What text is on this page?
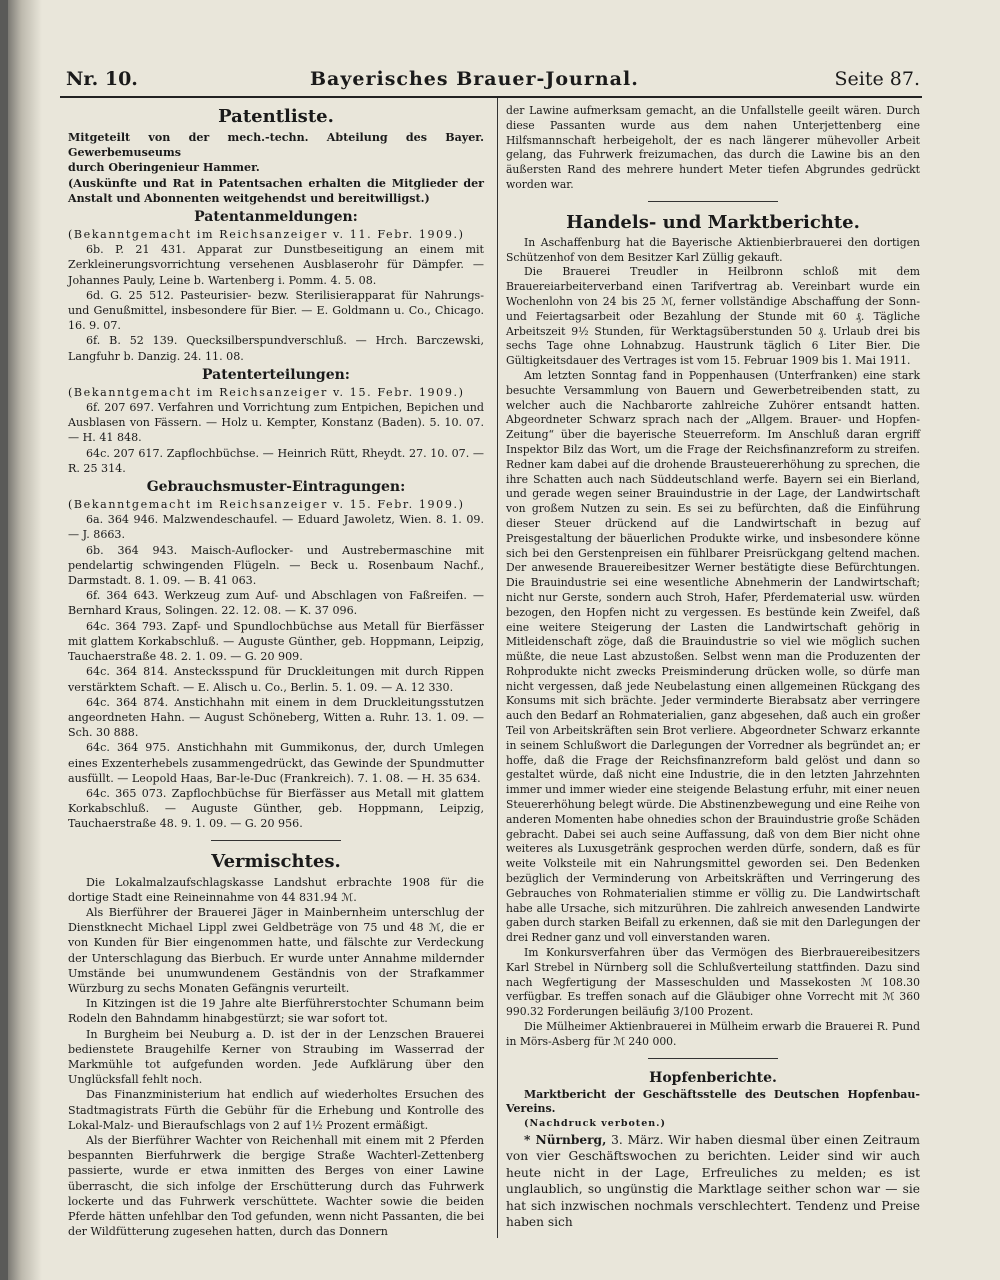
Nr. 10.	Bayerisches Brauer-Journal.	Seite 87.
Patentliste.

Mitgeteilt von der mech.-techn. Abteilung des Bayer. Gewerbemuseums

durch Oberingenieur Hammer.

(Auskünfte und Rat in Patentsachen erhalten die Mitglieder der Anstalt und Abonnenten weitgehendst und bereitwilligst.)

Patentanmeldungen:

(Bekanntgemacht im Reichsanzeiger v. 11. Febr. 1909.)

6b. P. 21 431. Apparat zur Dunstbeseitigung an einem mit Zerkleinerungsvorrichtung versehenen Ausblaserohr für Dämpfer. — Johannes Pauly, Leine b. Wartenberg i. Pomm. 4. 5. 08.

6d. G. 25 512. Pasteurisier- bezw. Sterilisierapparat für Nahrungs- und Genußmittel, insbesondere für Bier. — E. Goldmann u. Co., Chicago. 16. 9. 07.

6f. B. 52 139. Quecksilberspundverschluß. — Hrch. Barczewski, Langfuhr b. Danzig. 24. 11. 08.

Patenterteilungen:

(Bekanntgemacht im Reichsanzeiger v. 15. Febr. 1909.)

6f. 207 697. Verfahren und Vorrichtung zum Entpichen, Bepichen und Ausblasen von Fässern. — Holz u. Kempter, Konstanz (Baden). 5. 10. 07. — H. 41 848.

64c. 207 617. Zapflochbüchse. — Heinrich Rütt, Rheydt. 27. 10. 07. — R. 25 314.

Gebrauchsmuster-Eintragungen:

(Bekanntgemacht im Reichsanzeiger v. 15. Febr. 1909.)

6a. 364 946. Malzwendeschaufel. — Eduard Jawoletz, Wien. 8. 1. 09. — J. 8663.

6b. 364 943. Maisch-Auflocker- und Austrebermaschine mit pendelartig schwingenden Flügeln. — Beck u. Rosenbaum Nachf., Darmstadt. 8. 1. 09. — B. 41 063.

6f. 364 643. Werkzeug zum Auf- und Abschlagen von Faßreifen. — Bernhard Kraus, Solingen. 22. 12. 08. — K. 37 096.

64c. 364 793. Zapf- und Spundlochbüchse aus Metall für Bierfässer mit glattem Korkabschluß. — Auguste Günther, geb. Hoppmann, Leipzig, Tauchaerstraße 48. 2. 1. 09. — G. 20 909.

64c. 364 814. Anstecksspund für Druckleitungen mit durch Rippen verstärktem Schaft. — E. Alisch u. Co., Berlin. 5. 1. 09. — A. 12 330.

64c. 364 874. Anstichhahn mit einem in dem Druckleitungsstutzen angeordneten Hahn. — August Schöneberg, Witten a. Ruhr. 13. 1. 09. — Sch. 30 888.

64c. 364 975. Anstichhahn mit Gummikonus, der, durch Umlegen eines Exzenterhebels zusammengedrückt, das Gewinde der Spundmutter ausfüllt. — Leopold Haas, Bar-le-Duc (Frankreich). 7. 1. 08. — H. 35 634.

64c. 365 073. Zapflochbüchse für Bierfässer aus Metall mit glattem Korkabschluß. — Auguste Günther, geb. Hoppmann, Leipzig, Tauchaerstraße 48. 9. 1. 09. — G. 20 956.

Vermischtes.

Die Lokalmalzaufschlagskasse Landshut erbrachte 1908 für die dortige Stadt eine Reineinnahme von 44 831.94 ℳ.

Als Bierführer der Brauerei Jäger in Mainbernheim unterschlug der Dienstknecht Michael Lippl zwei Geldbeträge von 75 und 48 ℳ, die er von Kunden für Bier eingenommen hatte, und fälschte zur Verdeckung der Unterschlagung das Bierbuch. Er wurde unter Annahme mildernder Umstände bei unumwundenem Geständnis von der Strafkammer Würzburg zu sechs Monaten Gefängnis verurteilt.

In Kitzingen ist die 19 Jahre alte Bierführerstochter Schumann beim Rodeln den Bahndamm hinabgestürzt; sie war sofort tot.

In Burgheim bei Neuburg a. D. ist der in der Lenzschen Brauerei bedienstete Braugehilfe Kerner von Straubing im Wasserrad der Markmühle tot aufgefunden worden. Jede Aufklärung über den Unglücksfall fehlt noch.

Das Finanzministerium hat endlich auf wiederholtes Ersuchen des Stadtmagistrats Fürth die Gebühr für die Erhebung und Kontrolle des Lokal-Malz- und Bieraufschlags von 2 auf 1½ Prozent ermäßigt.

Als der Bierführer Wachter von Reichenhall mit einem mit 2 Pferden bespannten Bierfuhrwerk die bergige Straße Wachterl-Zettenberg passierte, wurde er etwa inmitten des Berges von einer Lawine überrascht, die sich infolge der Erschütterung durch das Fuhrwerk lockerte und das Fuhrwerk verschüttete. Wachter sowie die beiden Pferde hätten unfehlbar den Tod gefunden, wenn nicht Passanten, die bei der Wildfütterung zugesehen hatten, durch das Donnern

der Lawine aufmerksam gemacht, an die Unfallstelle geeilt wären. Durch diese Passanten wurde aus dem nahen Unterjettenberg eine Hilfsmannschaft herbeigeholt, der es nach längerer mühevoller Arbeit gelang, das Fuhrwerk freizumachen, das durch die Lawine bis an den äußersten Rand des mehrere hundert Meter tiefen Abgrundes gedrückt worden war.

Handels- und Marktberichte.

In Aschaffenburg hat die Bayerische Aktienbierbrauerei den dortigen Schützenhof von dem Besitzer Karl Züllig gekauft.

Die Brauerei Treudler in Heilbronn schloß mit dem Brauereiarbeiterverband einen Tarifvertrag ab. Vereinbart wurde ein Wochenlohn von 24 bis 25 ℳ, ferner vollständige Abschaffung der Sonn- und Feiertagsarbeit oder Bezahlung der Stunde mit 60 ₰. Tägliche Arbeitszeit 9½ Stunden, für Werktagsüberstunden 50 ₰. Urlaub drei bis sechs Tage ohne Lohnabzug. Haustrunk täglich 6 Liter Bier. Die Gültigkeitsdauer des Vertrages ist vom 15. Februar 1909 bis 1. Mai 1911.

Am letzten Sonntag fand in Poppenhausen (Unterfranken) eine stark besuchte Versammlung von Bauern und Gewerbetreibenden statt, zu welcher auch die Nachbarorte zahlreiche Zuhörer entsandt hatten. Abgeordneter Schwarz sprach nach der „Allgem. Brauer- und Hopfen-Zeitung“ über die bayerische Steuerreform. Im Anschluß daran ergriff Inspektor Bilz das Wort, um die Frage der Reichsfinanzreform zu streifen. Redner kam dabei auf die drohende Brausteuererhöhung zu sprechen, die ihre Schatten auch nach Süddeutschland werfe. Bayern sei ein Bierland, und gerade wegen seiner Brauindustrie in der Lage, der Landwirtschaft von großem Nutzen zu sein. Es sei zu befürchten, daß die Einführung dieser Steuer drückend auf die Landwirtschaft in bezug auf Preisgestaltung der bäuerlichen Produkte wirke, und insbesondere könne sich bei den Gerstenpreisen ein fühlbarer Preisrückgang geltend machen. Der anwesende Brauereibesitzer Werner bestätigte diese Befürchtungen. Die Brauindustrie sei eine wesentliche Abnehmerin der Landwirtschaft; nicht nur Gerste, sondern auch Stroh, Hafer, Pferdematerial usw. würden bezogen, den Hopfen nicht zu vergessen. Es bestünde kein Zweifel, daß eine weitere Steigerung der Lasten die Landwirtschaft gehörig in Mitleidenschaft zöge, daß die Brauindustrie so viel wie möglich suchen müßte, die neue Last abzustoßen. Selbst wenn man die Produzenten der Rohprodukte nicht zwecks Preisminderung drücken wolle, so dürfe man nicht vergessen, daß jede Neubelastung einen allgemeinen Rückgang des Konsums mit sich brächte. Jeder verminderte Bierabsatz aber verringere auch den Bedarf an Rohmaterialien, ganz abgesehen, daß auch ein großer Teil von Arbeitskräften sein Brot verliere. Abgeordneter Schwarz erkannte in seinem Schlußwort die Darlegungen der Vorredner als begründet an; er hoffe, daß die Frage der Reichsfinanzreform bald gelöst und dann so gestaltet würde, daß nicht eine Industrie, die in den letzten Jahrzehnten immer und immer wieder eine steigende Belastung erfuhr, mit einer neuen Steuererhöhung belegt würde. Die Abstinenzbewegung und eine Reihe von anderen Momenten habe ohnedies schon der Brauindustrie große Schäden gebracht. Dabei sei auch seine Auffassung, daß von dem Bier nicht ohne weiteres als Luxusgetränk gesprochen werden dürfe, sondern, daß es für weite Volksteile mit ein Nahrungsmittel geworden sei. Den Bedenken bezüglich der Verminderung von Arbeitskräften und Verringerung des Gebrauches von Rohmaterialien stimme er völlig zu. Die Landwirtschaft habe alle Ursache, sich mitzurühren. Die zahlreich anwesenden Landwirte gaben durch starken Beifall zu erkennen, daß sie mit den Darlegungen der drei Redner ganz und voll einverstanden waren.

Im Konkursverfahren über das Vermögen des Bierbrauereibesitzers Karl Strebel in Nürnberg soll die Schlußverteilung stattfinden. Dazu sind nach Wegfertigung der Masseschulden und Massekosten ℳ 108.30 verfügbar. Es treffen sonach auf die Gläubiger ohne Vorrecht mit ℳ 360 990.32 Forderungen beiläufig 3/100 Prozent.

Die Mülheimer Aktienbrauerei in Mülheim erwarb die Brauerei R. Pund in Mörs-Asberg für ℳ 240 000.

Hopfenberichte.

Marktbericht der Geschäftsstelle des Deutschen Hopfenbau-Vereins.

(Nachdruck verboten.)

* Nürnberg, 3. März. Wir haben diesmal über einen Zeitraum von vier Geschäftswochen zu berichten. Leider sind wir auch heute nicht in der Lage, Erfreuliches zu melden; es ist unglaublich, so ungünstig die Marktlage seither schon war — sie hat sich inzwischen nochmals verschlechtert. Tendenz und Preise haben sich
